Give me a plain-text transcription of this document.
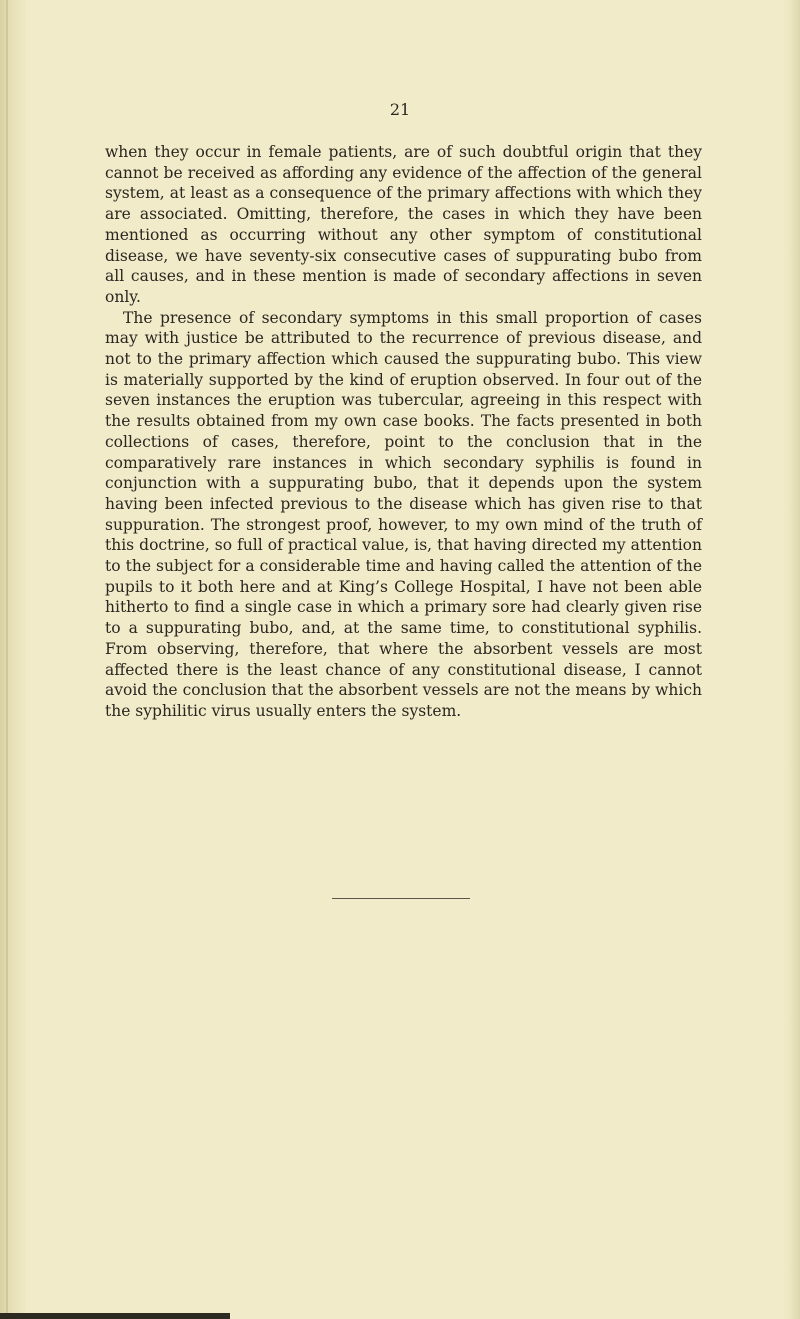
21

when they occur in female patients, are of such doubtful origin that they cannot be received as affording any evidence of the affection of the general system, at least as a consequence of the primary affections with which they are associated. Omitting, therefore, the cases in which they have been mentioned as occurring without any other symptom of constitutional disease, we have seventy-six consecutive cases of suppurating bubo from all causes, and in these mention is made of secondary affections in seven only.

The presence of secondary symptoms in this small proportion of cases may with justice be attributed to the recurrence of previous disease, and not to the primary affection which caused the suppurating bubo. This view is materially supported by the kind of eruption observed. In four out of the seven instances the eruption was tubercular, agreeing in this respect with the results obtained from my own case books. The facts presented in both collections of cases, therefore, point to the conclusion that in the comparatively rare instances in which secondary syphilis is found in conjunction with a suppurating bubo, that it depends upon the system having been infected previous to the disease which has given rise to that suppuration. The strongest proof, however, to my own mind of the truth of this doctrine, so full of practical value, is, that having directed my attention to the subject for a considerable time and having called the attention of the pupils to it both here and at King’s College Hospital, I have not been able hitherto to find a single case in which a primary sore had clearly given rise to a suppurating bubo, and, at the same time, to constitutional syphilis. From observing, therefore, that where the absorbent vessels are most affected there is the least chance of any constitutional disease, I cannot avoid the conclusion that the absorbent vessels are not the means by which the syphilitic virus usually enters the system.
